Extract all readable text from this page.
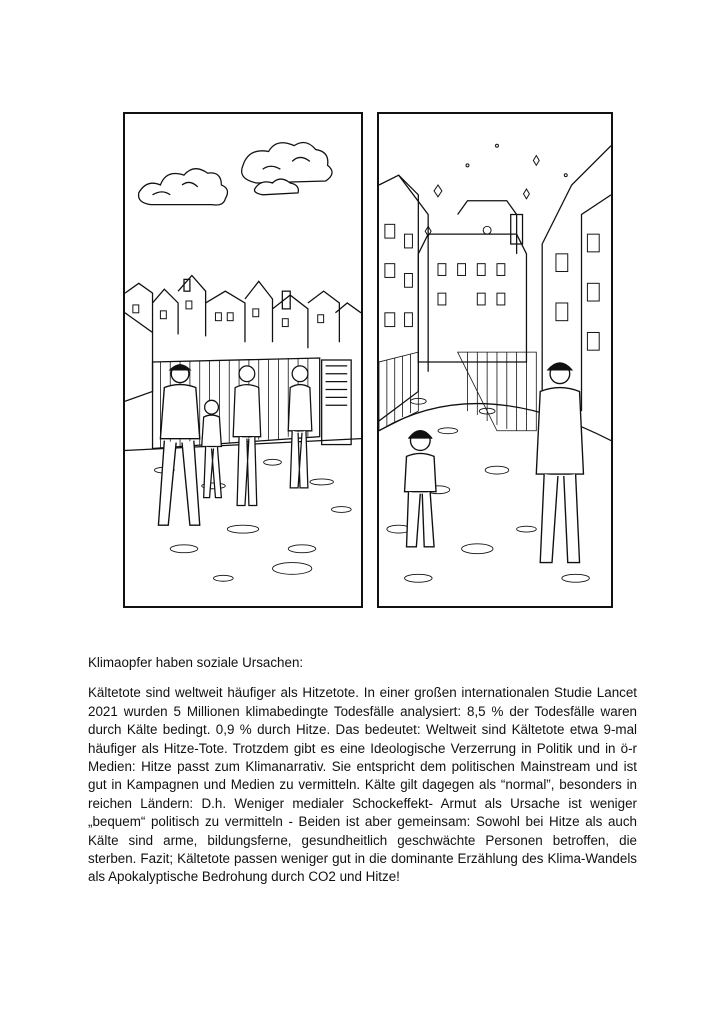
Klimaopfer haben soziale Ursachen:

Kältetote sind weltweit häufiger als Hitzetote. In einer großen internationalen Studie Lancet 2021 wurden 5 Millionen klimabedingte Todesfälle analysiert: 8,5 % der Todesfälle waren durch Kälte bedingt. 0,9 % durch Hitze. Das bedeutet: Weltweit sind Kältetote etwa 9-mal häufiger als Hitze-Tote. Trotzdem gibt es eine Ideologische Verzerrung in Politik und in ö-r Medien: Hitze passt zum Klimanarrativ. Sie entspricht dem politischen Mainstream und ist gut in Kampagnen und Medien zu vermitteln. Kälte gilt dagegen als “normal”, besonders in reichen Ländern: D.h. Weniger medialer Schockeffekt- Armut als Ursache ist weniger „bequem“ politisch zu vermitteln - Beiden ist aber gemeinsam: Sowohl bei Hitze als auch Kälte sind arme, bildungsferne, gesundheitlich geschwächte Personen betroffen, die sterben. Fazit; Kältetote passen weniger gut in die dominante Erzählung des Klima-Wandels als Apokalyptische Bedrohung durch CO2 und Hitze!
